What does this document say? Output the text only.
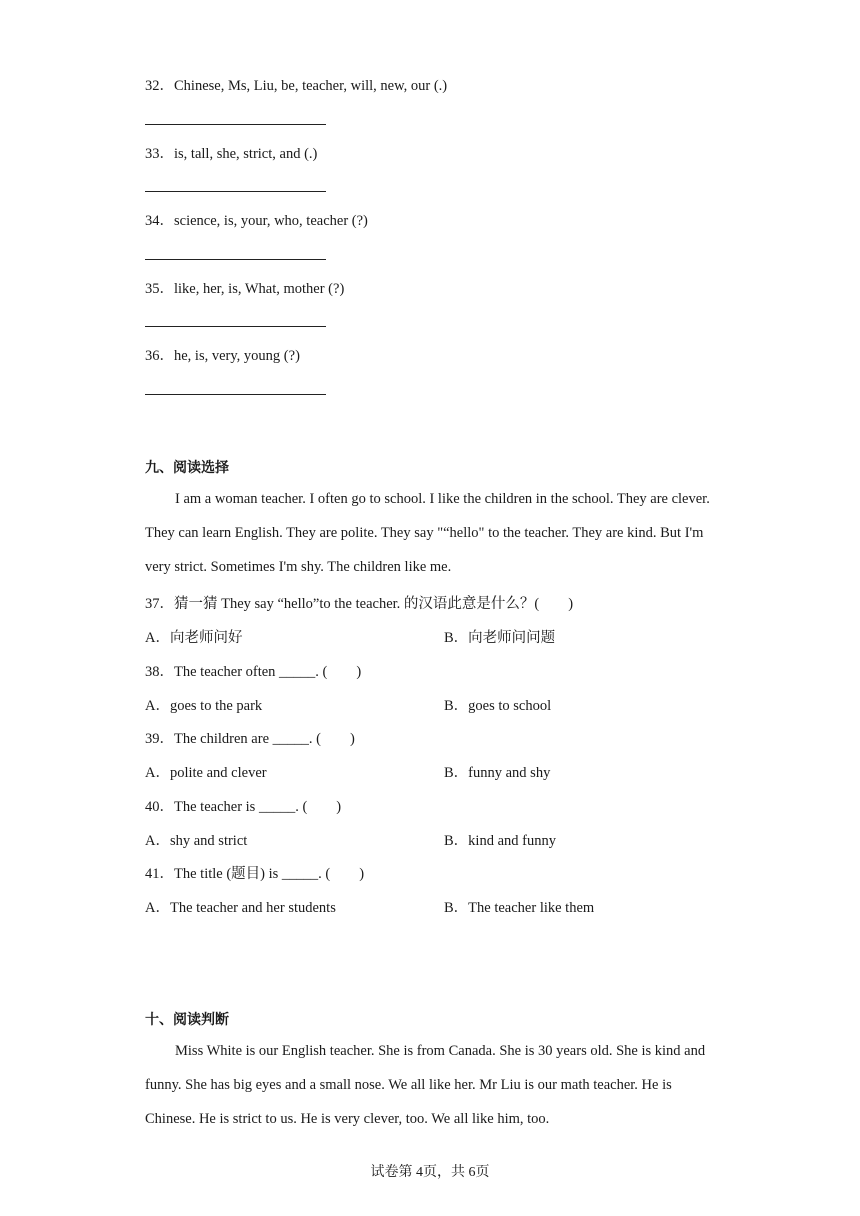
32．Chinese, Ms, Liu, be, teacher, will, new, our (.)
33．is, tall, she, strict, and (.)
34．science, is, your, who, teacher (?)
35．like, her, is, What, mother (?)
36．he, is, very, young (?)
九、阅读选择

I am a woman teacher. I often go to school. I like the children in the school. They are clever. They can learn English. They are polite. They say "“hello" to the teacher. They are kind. But I'm very strict. Sometimes I'm shy. The children like me.

37．猜一猜 They say “hello”to the teacher. 的汉语此意是什么？(　　)
A．向老师问好	B．向老师问问题
38．The teacher often _____. (　　)
A．goes to the park	B．goes to school
39．The children are _____. (　　)
A．polite and clever	B．funny and shy
40．The teacher is _____. (　　)
A．shy and strict	B．kind and funny
41．The title (题目) is _____. (　　)
A．The teacher and her students	B．The teacher like them
十、阅读判断

Miss White is our English teacher. She is from Canada. She is 30 years old. She is kind and funny. She has big eyes and a small nose. We all like her. Mr Liu is our math teacher. He is Chinese. He is strict to us. He is very clever, too. We all like him, too.

试卷第 4页，共 6页
